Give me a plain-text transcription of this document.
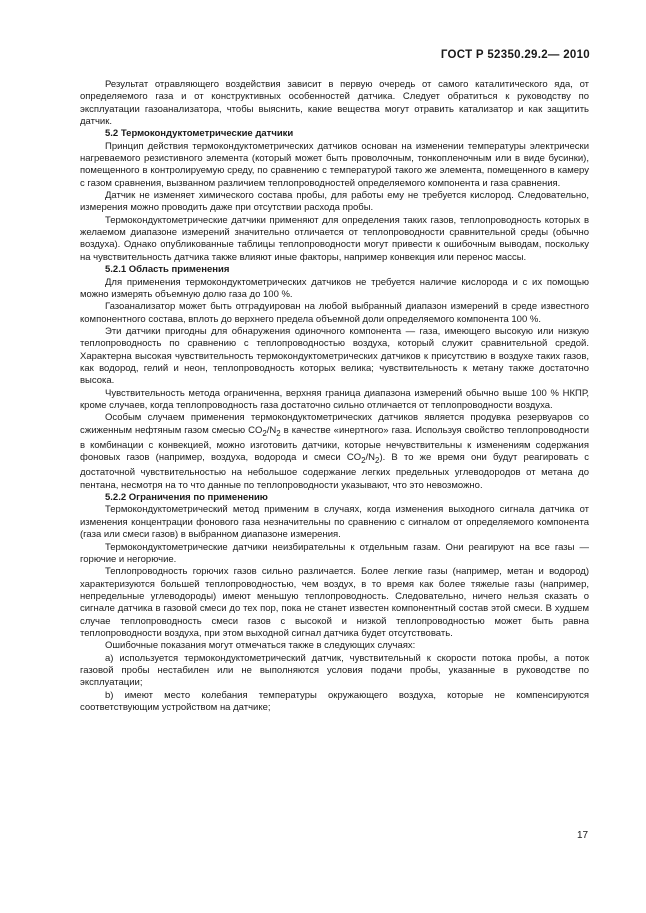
ГОСТ Р 52350.29.2— 2010

Результат отравляющего воздействия зависит в первую очередь от самого каталитического яда, от определяемого газа и от конструктивных особенностей датчика. Следует обратиться к руководству по эксплуатации газоанализатора, чтобы выяснить, какие вещества могут отравить катализатор и как защитить датчик.

5.2 Термокондуктометрические датчики

Принцип действия термокондуктометрических датчиков основан на изменении температуры электрически нагреваемого резистивного элемента (который может быть проволочным, тонкопленочным или в виде бусинки), помещенного в контролируемую среду, по сравнению с температурой такого же элемента, помещенного в камеру с газом сравнения, вызванном различием теплопроводностей определяемого компонента и газа сравнения.

Датчик не изменяет химического состава пробы, для работы ему не требуется кислород. Следовательно, измерения можно проводить даже при отсутствии расхода пробы.

Термокондуктометрические датчики применяют для определения таких газов, теплопроводность которых в желаемом диапазоне измерений значительно отличается от теплопроводности сравнительной среды (обычно воздуха). Однако опубликованные таблицы теплопроводности могут привести к ошибочным выводам, поскольку на чувствительность датчика также влияют иные факторы, например конвекция или перенос массы.

5.2.1 Область применения

Для применения термокондуктометрических датчиков не требуется наличие кислорода и с их помощью можно измерять объемную долю газа до 100 %.

Газоанализатор может быть отградуирован на любой выбранный диапазон измерений в среде известного компонентного состава, вплоть до верхнего предела объемной доли определяемого компонента 100 %.

Эти датчики пригодны для обнаружения одиночного компонента — газа, имеющего высокую или низкую теплопроводность по сравнению с теплопроводностью воздуха, который служит сравнительной средой. Характерна высокая чувствительность термокондуктометрических датчиков к присутствию в воздухе таких газов, как водород, гелий и неон, теплопроводность которых велика; чувствительность к метану также достаточно высока.

Чувствительность метода ограниченна, верхняя граница диапазона измерений обычно выше 100 % НКПР, кроме случаев, когда теплопроводность газа достаточно сильно отличается от теплопроводности воздуха.

Особым случаем применения термокондуктометрических датчиков является продувка резервуаров со сжиженным нефтяным газом смесью $CO_2/N_2$ в качестве «инертного» газа. Используя свойство теплопроводности в комбинации с конвекцией, можно изготовить датчики, которые нечувствительны к изменениям содержания фоновых газов (например, воздуха, водорода и смеси $CO_2/N_2$). В то же время они будут реагировать с достаточной чувствительностью на небольшое содержание легких предельных углеводородов от метана до пентана, несмотря на то что данные по теплопроводности указывают, что это невозможно.

5.2.2 Ограничения по применению

Термокондуктометрический метод применим в случаях, когда изменения выходного сигнала датчика от изменения концентрации фонового газа незначительны по сравнению с сигналом от определяемого компонента (газа или смеси газов) в выбранном диапазоне измерения.

Термокондуктометрические датчики неизбирательны к отдельным газам. Они реагируют на все газы — горючие и негорючие.

Теплопроводность горючих газов сильно различается. Более легкие газы (например, метан и водород) характеризуются большей теплопроводностью, чем воздух, в то время как более тяжелые газы (например, непредельные углеводороды) имеют меньшую теплопроводность. Следовательно, ничего нельзя сказать о сигнале датчика в газовой смеси до тех пор, пока не станет известен компонентный состав этой смеси. В худшем случае теплопроводность смеси газов с высокой и низкой теплопроводностью может быть равна теплопроводности воздуха, при этом выходной сигнал датчика будет отсутствовать.

Ошибочные показания могут отмечаться также в следующих случаях:

а) используется термокондуктометрический датчик, чувствительный к скорости потока пробы, а поток газовой пробы нестабилен или не выполняются условия подачи пробы, указанные в руководстве по эксплуатации;

b) имеют место колебания температуры окружающего воздуха, которые не компенсируются соответствующим устройством на датчике;

17
